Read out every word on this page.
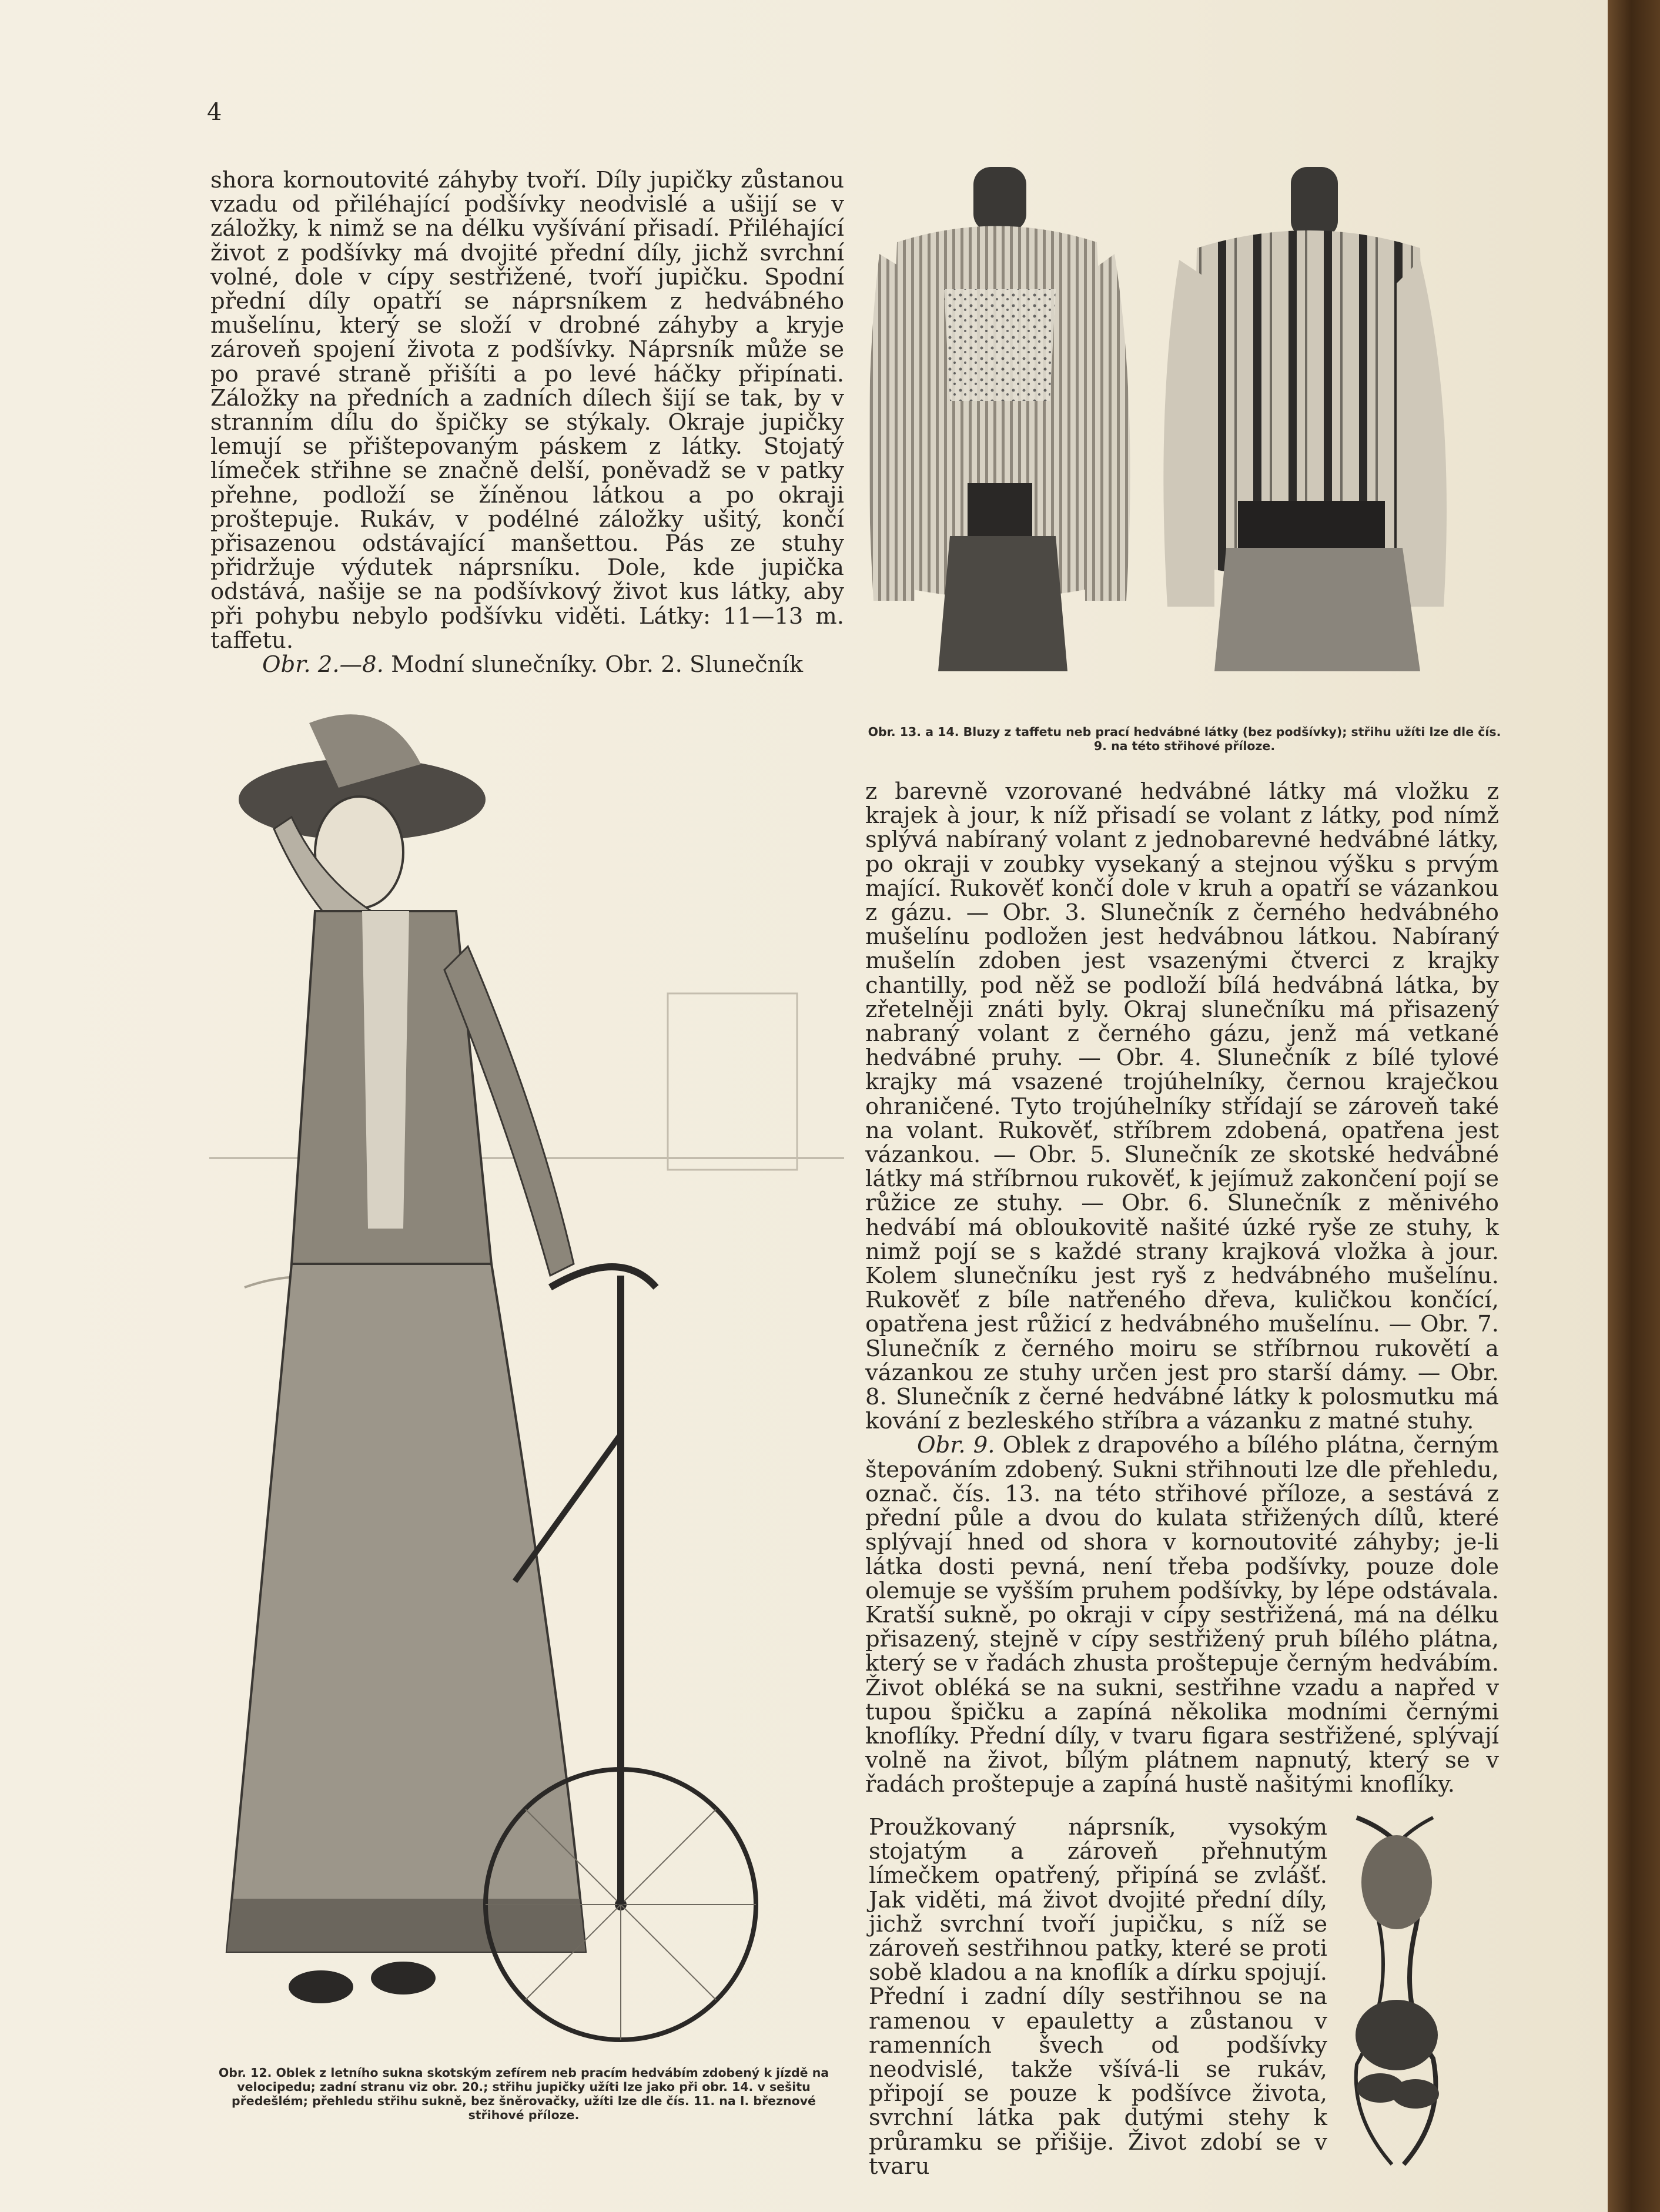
4

shora kornoutovité záhyby tvoří. Díly jupičky zůstanou vzadu od přiléhající podšívky neodvislé a ušijí se v záložky, k nimž se na délku vyšívání přisadí. Přiléhající život z podšívky má dvojité přední díly, jichž svrchní volné, dole v cípy sestřižené, tvoří jupičku. Spodní přední díly opatří se náprsníkem z hedvábného mušelínu, který se složí v drobné záhyby a kryje zároveň spojení života z podšívky. Náprsník může se po pravé straně přišíti a po levé háčky připínati. Záložky na předních a zadních dílech šijí se tak, by v stranním dílu do špičky se stýkaly. Okraje jupičky lemují se přištepovaným páskem z látky. Stojatý límeček střihne se značně delší, poněvadž se v patky přehne, podloží se žíněnou látkou a po okraji proštepuje. Rukáv, v podélné záložky ušitý, končí přisazenou odstávající manšettou. Pás ze stuhy přidržuje výdutek náprsníku. Dole, kde jupička odstává, našije se na podšívkový život kus látky, aby při pohybu nebylo podšívku viděti. Látky: 11—13 m. taffetu.

Obr. 2.—8. Modní slunečníky. Obr. 2. Slunečník

Obr. 13. a 14. Bluzy z taffetu neb prací hedvábné látky (bez podšívky); střihu užíti lze dle čís. 9. na této střihové příloze.

z barevně vzorované hedvábné látky má vložku z krajek à jour, k níž přisadí se volant z látky, pod nímž splývá nabíraný volant z jednobarevné hedvábné látky, po okraji v zoubky vysekaný a stejnou výšku s prvým mající. Rukověť končí dole v kruh a opatří se vázankou z gázu. — Obr. 3. Slunečník z černého hedvábného mušelínu podložen jest hedvábnou látkou. Nabíraný mušelín zdoben jest vsazenými čtverci z krajky chantilly, pod něž se podloží bílá hedvábná látka, by zřetelněji znáti byly. Okraj slunečníku má přisazený nabraný volant z černého gázu, jenž má vetkané hedvábné pruhy. — Obr. 4. Slunečník z bílé tylové krajky má vsazené trojúhelníky, černou kraječkou ohraničené. Tyto trojúhelníky střídají se zároveň také na volant. Rukověť, stříbrem zdobená, opatřena jest vázankou. — Obr. 5. Slunečník ze skotské hedvábné látky má stříbrnou rukověť, k jejímuž zakončení pojí se růžice ze stuhy. — Obr. 6. Slunečník z měnivého hedvábí má obloukovitě našité úzké ryše ze stuhy, k nimž pojí se s každé strany krajková vložka à jour. Kolem slunečníku jest ryš z hedvábného mušelínu. Rukověť z bíle natřeného dřeva, kuličkou končící, opatřena jest růžicí z hedvábného mušelínu. — Obr. 7. Slunečník z černého moiru se stříbrnou rukovětí a vázankou ze stuhy určen jest pro starší dámy. — Obr. 8. Slunečník z černé hedvábné látky k polosmutku má kování z bezleského stříbra a vázanku z matné stuhy.

Obr. 9. Oblek z drapového a bílého plátna, černým štepováním zdobený. Sukni střihnouti lze dle přehledu, označ. čís. 13. na této střihové příloze, a sestává z přední půle a dvou do kulata střižených dílů, které splývají hned od shora v kornoutovité záhyby; je-li látka dosti pevná, není třeba podšívky, pouze dole olemuje se vyšším pruhem podšívky, by lépe odstávala. Kratší sukně, po okraji v cípy sestřižená, má na délku přisazený, stejně v cípy sestřižený pruh bílého plátna, který se v řadách zhusta proštepuje černým hedvábím. Život obléká se na sukni, sestřihne vzadu a napřed v tupou špičku a zapíná několika modními černými knoflíky. Přední díly, v tvaru figara sestřižené, splývají volně na život, bílým plátnem napnutý, který se v řadách proštepuje a zapíná hustě našitými knoflíky.

Proužkovaný náprsník, vysokým stojatým a zároveň přehnutým límečkem opatřený, připíná se zvlášť. Jak viděti, má život dvojité přední díly, jichž svrchní tvoří jupičku, s níž se zároveň sestřihnou patky, které se proti sobě kladou a na knoflík a dírku spojují. Přední i zadní díly sestřihnou se na ramenou v epauletty a zůstanou v ramenních švech od podšívky neodvislé, takže všívá-li se rukáv, připojí se pouze k podšívce života, svrchní látka pak dutými stehy k průramku se přišije. Život zdobí se v tvaru

Obr. 12. Oblek z letního sukna skotským zefírem neb pracím hedvábím zdobený k jízdě na velocipedu; zadní stranu viz obr. 20.; střihu jupičky užíti lze jako při obr. 14. v sešitu předešlém; přehledu střihu sukně, bez šněrovačky, užíti lze dle čís. 11. na I. březnové střihové příloze.
